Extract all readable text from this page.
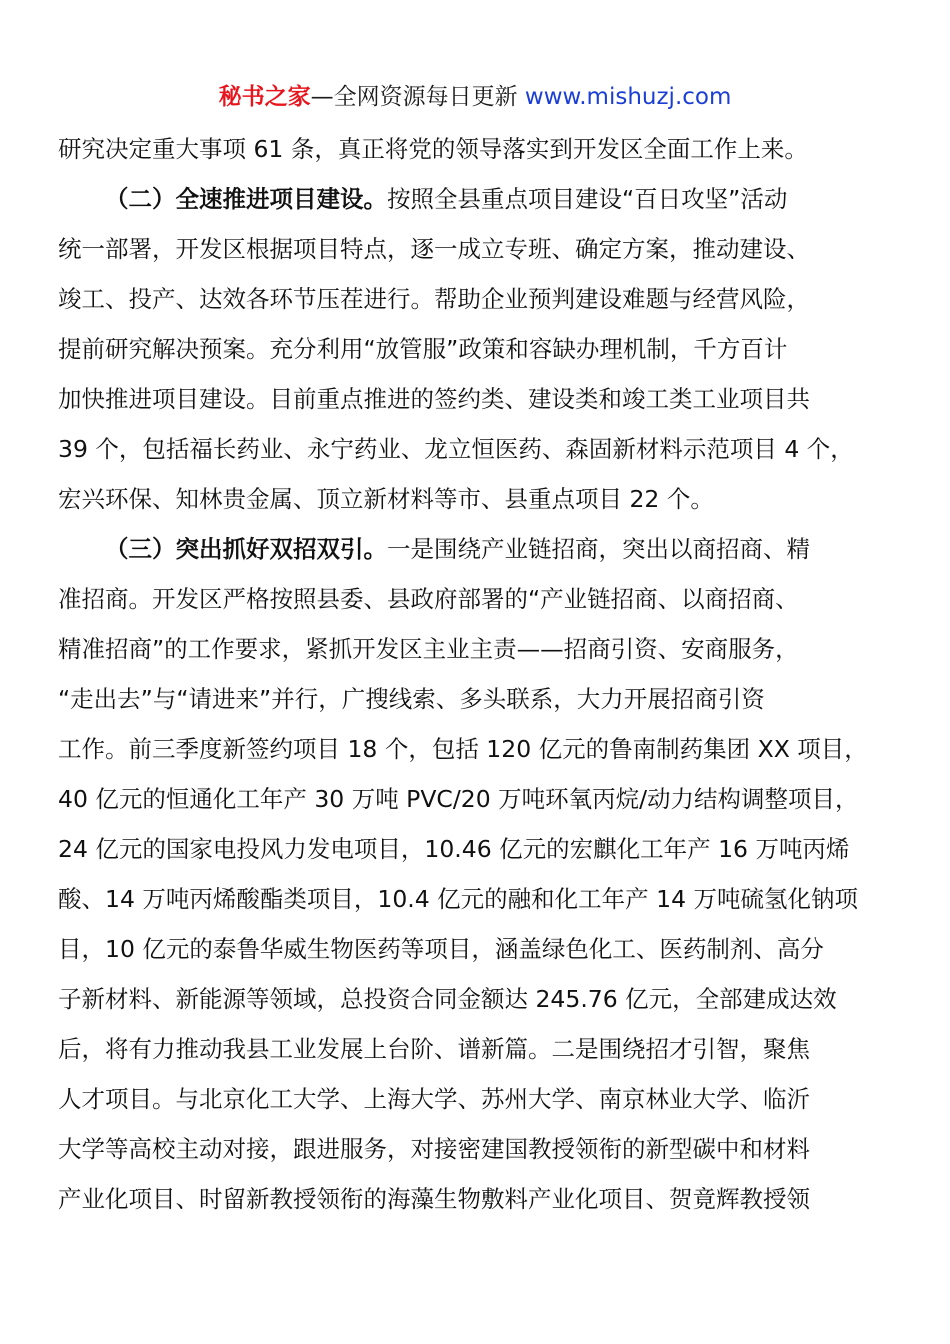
秘书之家—全网资源每日更新 www.mishuzj.com
研究决定重大事项 61 条，真正将党的领导落实到开发区全面工作上来。
（二）全速推进项目建设。按照全县重点项目建设“百日攻坚”活动
统一部署，开发区根据项目特点，逐一成立专班、确定方案，推动建设、
竣工、投产、达效各环节压茬进行。帮助企业预判建设难题与经营风险，
提前研究解决预案。充分利用“放管服”政策和容缺办理机制，千方百计
加快推进项目建设。目前重点推进的签约类、建设类和竣工类工业项目共
39 个，包括福长药业、永宁药业、龙立恒医药、森固新材料示范项目 4 个，
宏兴环保、知林贵金属、顶立新材料等市、县重点项目 22 个。
（三）突出抓好双招双引。一是围绕产业链招商，突出以商招商、精
准招商。开发区严格按照县委、县政府部署的“产业链招商、以商招商、
精准招商”的工作要求，紧抓开发区主业主责——招商引资、安商服务，
“走出去”与“请进来”并行，广搜线索、多头联系，大力开展招商引资
工作。前三季度新签约项目 18 个，包括 120 亿元的鲁南制药集团 XX 项目，
40 亿元的恒通化工年产 30 万吨 PVC/20 万吨环氧丙烷/动力结构调整项目，
24 亿元的国家电投风力发电项目，10.46 亿元的宏麒化工年产 16 万吨丙烯
酸、14 万吨丙烯酸酯类项目，10.4 亿元的融和化工年产 14 万吨硫氢化钠项
目，10 亿元的泰鲁华威生物医药等项目，涵盖绿色化工、医药制剂、高分
子新材料、新能源等领域，总投资合同金额达 245.76 亿元，全部建成达效
后，将有力推动我县工业发展上台阶、谱新篇。二是围绕招才引智，聚焦
人才项目。与北京化工大学、上海大学、苏州大学、南京林业大学、临沂
大学等高校主动对接，跟进服务，对接密建国教授领衔的新型碳中和材料
产业化项目、时留新教授领衔的海藻生物敷料产业化项目、贺竟辉教授领
